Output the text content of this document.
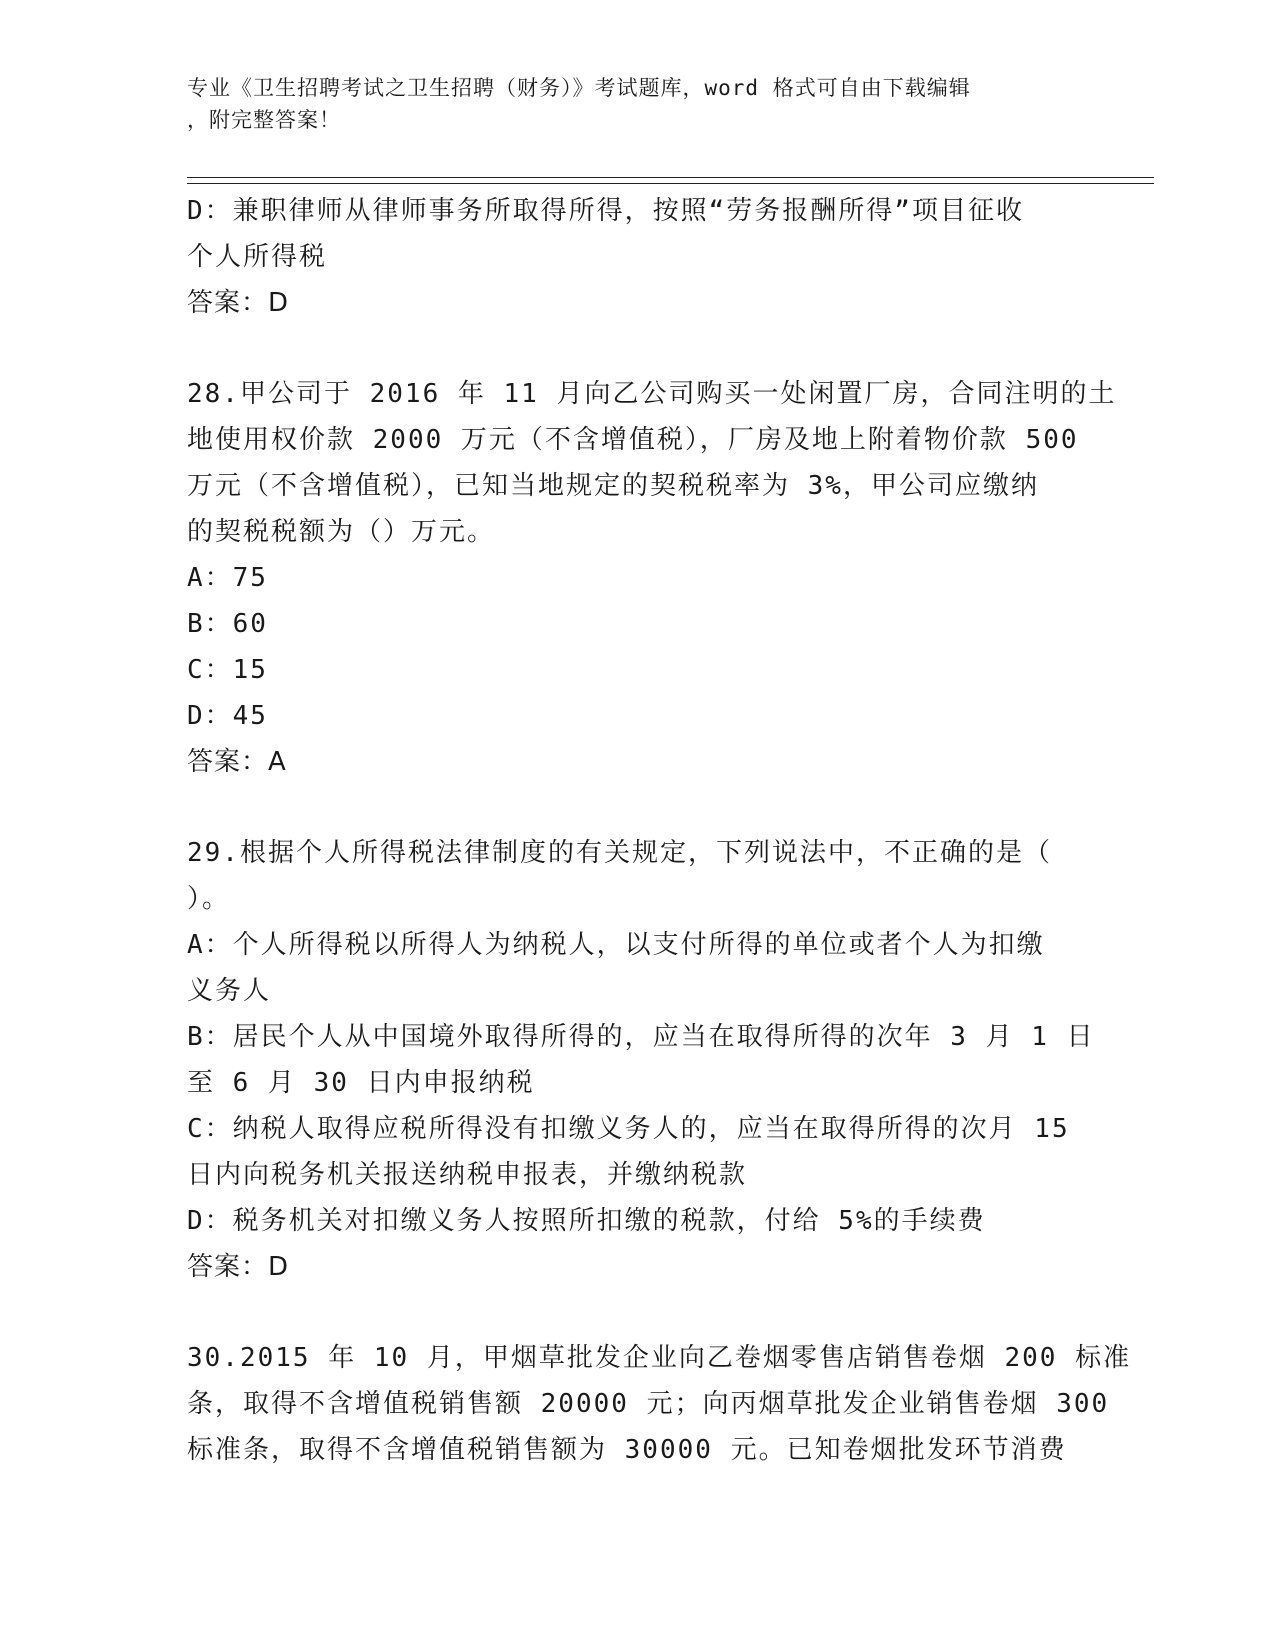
专业《卫生招聘考试之卫生招聘（财务）》考试题库，word 格式可自由下载编辑
，附完整答案！
D：兼职律师从律师事务所取得所得，按照“劳务报酬所得”项目征收
个人所得税
答案：D
28.甲公司于 2016 年 11 月向乙公司购买一处闲置厂房，合同注明的土
地使用权价款 2000 万元（不含增值税），厂房及地上附着物价款 500
万元（不含增值税），已知当地规定的契税税率为 3%，甲公司应缴纳
的契税税额为（）万元。
A：75
B：60
C：15
D：45
答案：A
29.根据个人所得税法律制度的有关规定，下列说法中，不正确的是（
）。
A：个人所得税以所得人为纳税人，以支付所得的单位或者个人为扣缴
义务人
B：居民个人从中国境外取得所得的，应当在取得所得的次年 3 月 1 日
至 6 月 30 日内申报纳税
C：纳税人取得应税所得没有扣缴义务人的，应当在取得所得的次月 15
日内向税务机关报送纳税申报表，并缴纳税款
D：税务机关对扣缴义务人按照所扣缴的税款，付给 5%的手续费
答案：D
30.2015 年 10 月，甲烟草批发企业向乙卷烟零售店销售卷烟 200 标准
条，取得不含增值税销售额 20000 元；向丙烟草批发企业销售卷烟 300
标准条，取得不含增值税销售额为 30000 元。已知卷烟批发环节消费
